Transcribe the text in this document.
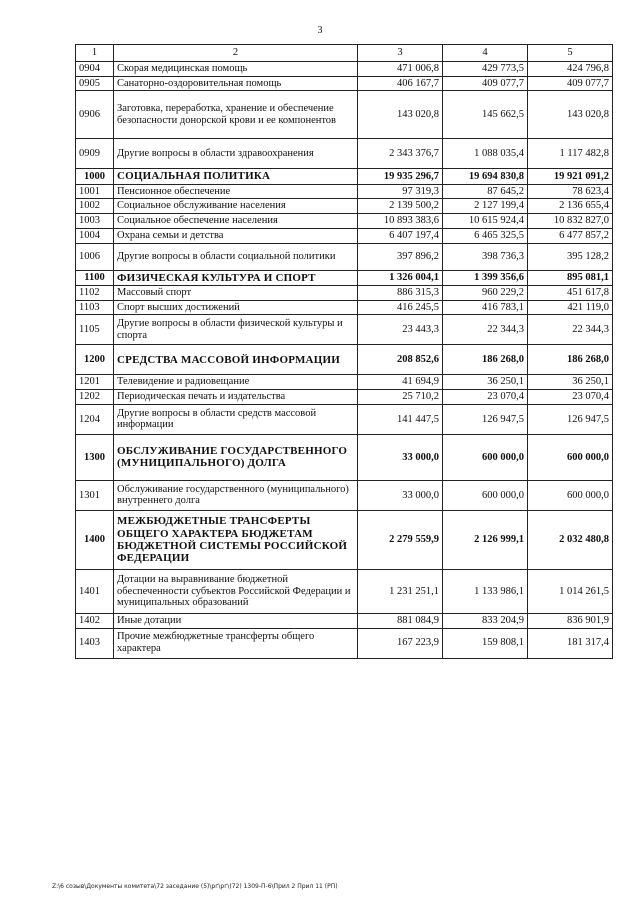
3
1	2	3	4	5
0904	Скорая медицинская помощь	471 006,8	429 773,5	424 796,8
0905	Санаторно-оздоровительная помощь	406 167,7	409 077,7	409 077,7
0906	Заготовка, переработка, хранение и обеспечение безопасности донорской крови и ее компонентов	143 020,8	145 662,5	143 020,8
0909	Другие вопросы в области здравоохранения	2 343 376,7	1 088 035,4	1 117 482,8
1000	СОЦИАЛЬНАЯ ПОЛИТИКА	19 935 296,7	19 694 830,8	19 921 091,2
1001	Пенсионное обеспечение	97 319,3	87 645,2	78 623,4
1002	Социальное обслуживание населения	2 139 500,2	2 127 199,4	2 136 655,4
1003	Социальное обеспечение населения	10 893 383,6	10 615 924,4	10 832 827,0
1004	Охрана семьи и детства	6 407 197,4	6 465 325,5	6 477 857,2
1006	Другие вопросы в области социальной политики	397 896,2	398 736,3	395 128,2
1100	ФИЗИЧЕСКАЯ КУЛЬТУРА И СПОРТ	1 326 004,1	1 399 356,6	895 081,1
1102	Массовый спорт	886 315,3	960 229,2	451 617,8
1103	Спорт высших достижений	416 245,5	416 783,1	421 119,0
1105	Другие вопросы в области физической культуры и спорта	23 443,3	22 344,3	22 344,3
1200	СРЕДСТВА МАССОВОЙ ИНФОРМАЦИИ	208 852,6	186 268,0	186 268,0
1201	Телевидение и радиовещание	41 694,9	36 250,1	36 250,1
1202	Периодическая печать и издательства	25 710,2	23 070,4	23 070,4
1204	Другие вопросы в области средств массовой информации	141 447,5	126 947,5	126 947,5
1300	ОБСЛУЖИВАНИЕ ГОСУДАРСТВЕННОГО (МУНИЦИПАЛЬНОГО) ДОЛГА	33 000,0	600 000,0	600 000,0
1301	Обслуживание государственного (муниципального) внутреннего долга	33 000,0	600 000,0	600 000,0
1400	МЕЖБЮДЖЕТНЫЕ ТРАНСФЕРТЫ ОБЩЕГО ХАРАКТЕРА БЮДЖЕТАМ БЮДЖЕТНОЙ СИСТЕМЫ РОССИЙСКОЙ ФЕДЕРАЦИИ	2 279 559,9	2 126 999,1	2 032 480,8
1401	Дотации на выравнивание бюджетной обеспеченности субъектов Российской Федерации и муниципальных образований	1 231 251,1	1 133 986,1	1 014 261,5
1402	Иные дотации	881 084,9	833 204,9	836 901,9
1403	Прочие межбюджетные трансферты общего характера	167 223,9	159 808,1	181 317,4
Z:\6 созыв\Документы комитета\72 заседание (5)\рг\рг\(72) 1309-П-6\Прил 2 Прил 11 (РП)
